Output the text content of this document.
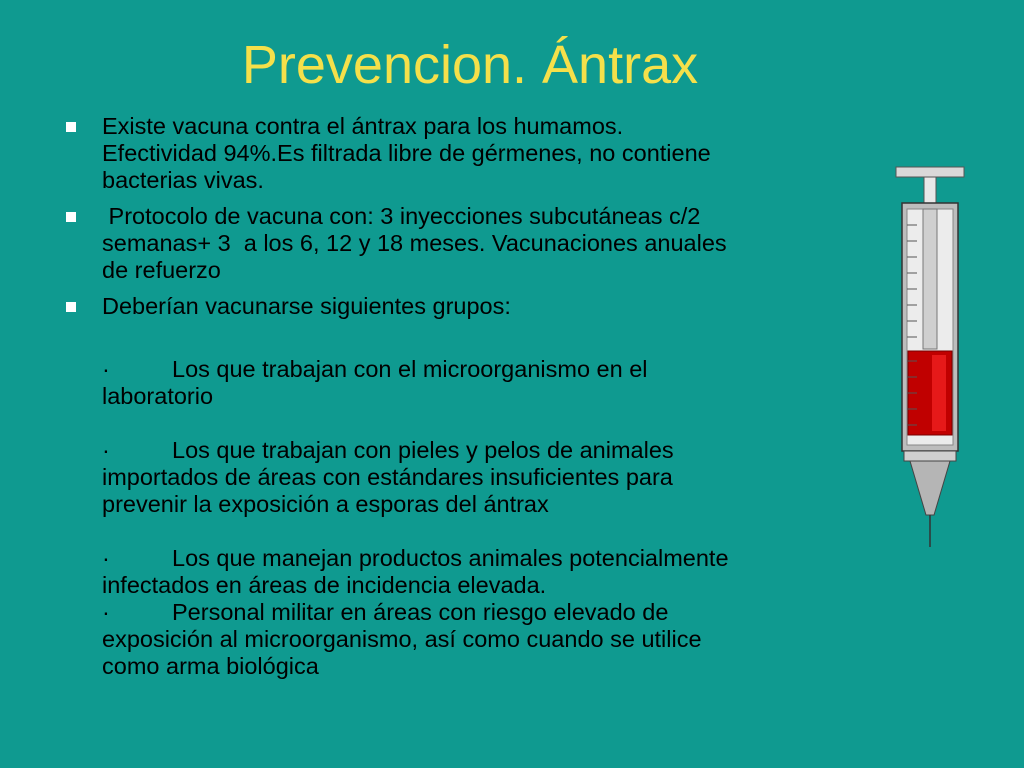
Prevencion. Ántrax
Existe vacuna contra el ántrax para los humamos.
Efectividad 94%.Es filtrada libre de gérmenes, no contiene
bacterias vivas.
Protocolo de vacuna con: 3 inyecciones subcutáneas c/2
semanas+ 3  a los 6, 12 y 18 meses. Vacunaciones anuales
de refuerzo
Deberían vacunarse siguientes grupos:
·	Los que trabajan con el microorganismo en el
laboratorio
·	Los que trabajan con pieles y pelos de animales
importados de áreas con estándares insuficientes para
prevenir la exposición a esporas del ántrax
·	Los que manejan productos animales potencialmente
infectados en áreas de incidencia elevada.
·	Personal militar en áreas con riesgo elevado de
exposición al microorganismo, así como cuando se utilice
como arma biológica
